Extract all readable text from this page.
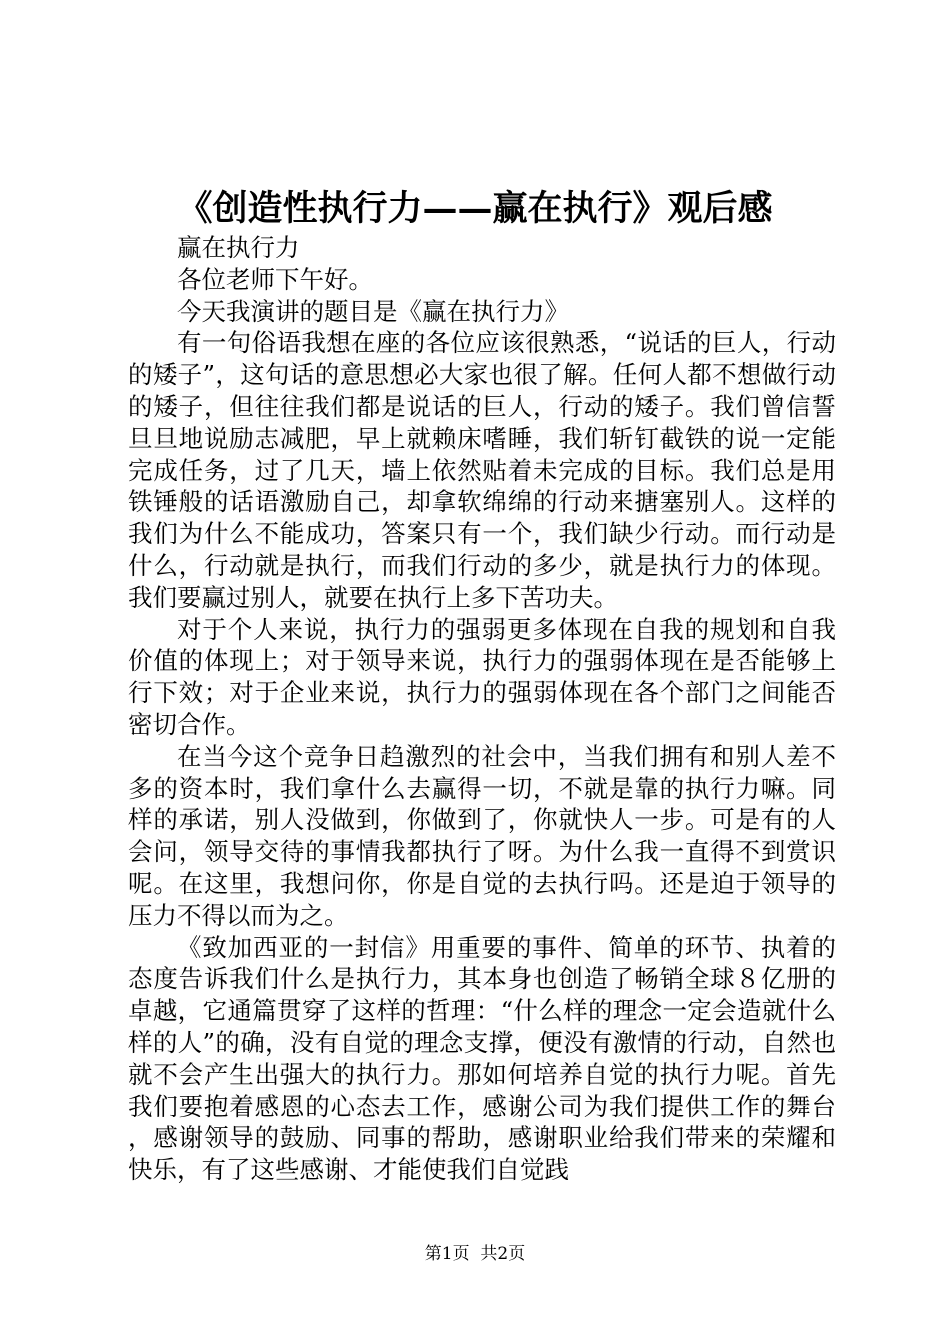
《创造性执行力——赢在执行》观后感

赢在执行力

各位老师下午好。

今天我演讲的题目是《赢在执行力》

有一句俗语我想在座的各位应该很熟悉，“说话的巨人，行动的矮子”，这句话的意思想必大家也很了解。任何人都不想做行动的矮子，但往往我们都是说话的巨人，行动的矮子。我们曾信誓旦旦地说励志减肥，早上就赖床嗜睡，我们斩钉截铁的说一定能完成任务，过了几天，墙上依然贴着未完成的目标。我们总是用铁锤般的话语激励自己，却拿软绵绵的行动来搪塞别人。这样的我们为什么不能成功，答案只有一个，我们缺少行动。而行动是什么，行动就是执行，而我们行动的多少，就是执行力的体现。我们要赢过别人，就要在执行上多下苦功夫。

对于个人来说，执行力的强弱更多体现在自我的规划和自我价值的体现上；对于领导来说，执行力的强弱体现在是否能够上行下效；对于企业来说，执行力的强弱体现在各个部门之间能否密切合作。

在当今这个竞争日趋激烈的社会中，当我们拥有和别人差不多的资本时，我们拿什么去赢得一切，不就是靠的执行力嘛。同样的承诺，别人没做到，你做到了，你就快人一步。可是有的人会问，领导交待的事情我都执行了呀。为什么我一直得不到赏识呢。在这里，我想问你，你是自觉的去执行吗。还是迫于领导的压力不得以而为之。

《致加西亚的一封信》用重要的事件、简单的环节、执着的态度告诉我们什么是执行力，其本身也创造了畅销全球８亿册的卓越，它通篇贯穿了这样的哲理：“什么样的理念一定会造就什么样的人”的确，没有自觉的理念支撑，便没有激情的行动，自然也就不会产生出强大的执行力。那如何培养自觉的执行力呢。首先我们要抱着感恩的心态去工作，感谢公司为我们提供工作的舞台，感谢领导的鼓励、同事的帮助，感谢职业给我们带来的荣耀和快乐，有了这些感谢、才能使我们自觉践

第1页  共2页
